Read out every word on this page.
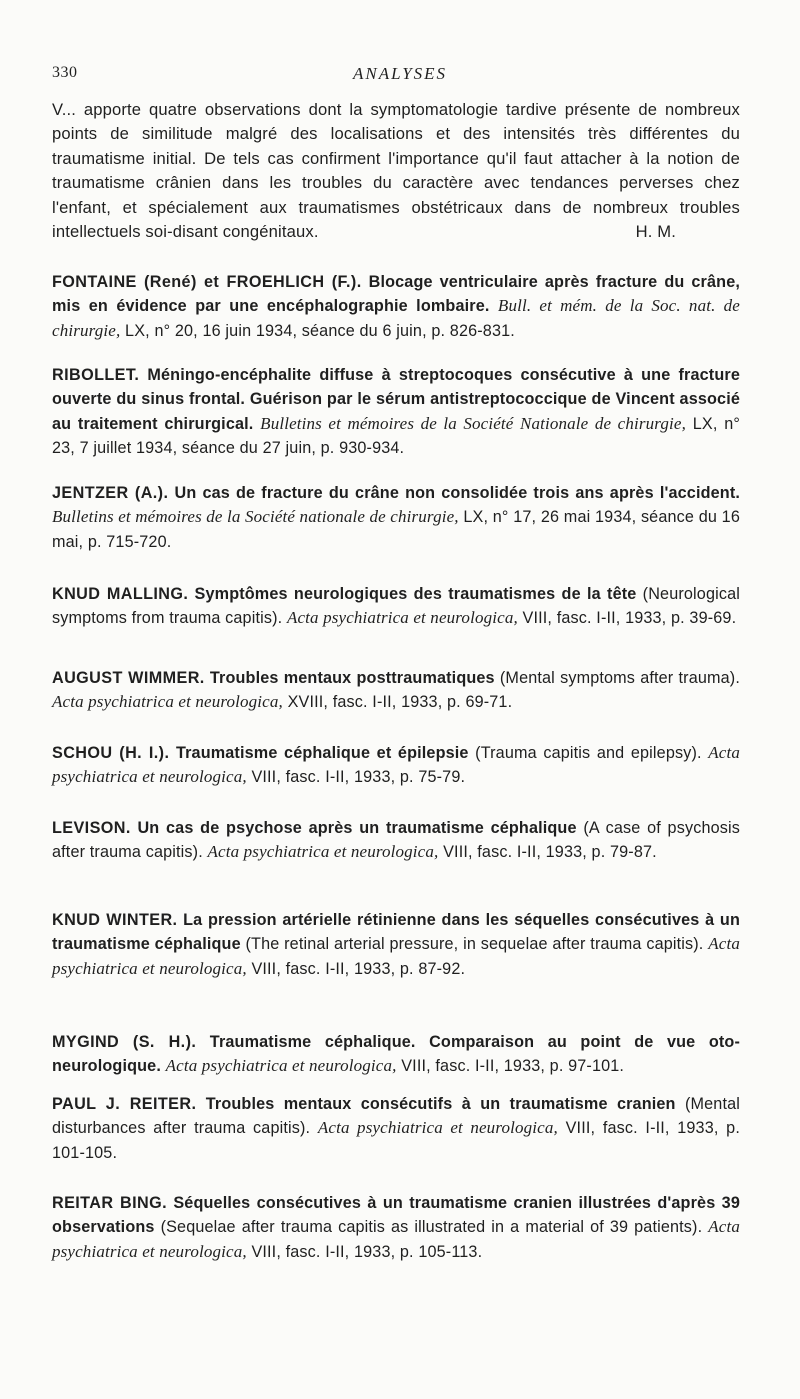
330	ANALYSES
V... apporte quatre observations dont la symptomatologie tardive présente de nombreux points de similitude malgré des localisations et des intensités très différentes du traumatisme initial. De tels cas confirment l'importance qu'il faut attacher à la notion de traumatisme crânien dans les troubles du caractère avec tendances perverses chez l'enfant, et spécialement aux traumatismes obstétricaux dans de nombreux troubles intellectuels soi-disant congénitaux.	H. M.
FONTAINE (René) et FROEHLICH (F.). Blocage ventriculaire après fracture du crâne, mis en évidence par une encéphalographie lombaire. Bull. et mém. de la Soc. nat. de chirurgie, LX, n° 20, 16 juin 1934, séance du 6 juin, p. 826-831.
RIBOLLET. Méningo-encéphalite diffuse à streptocoques consécutive à une fracture ouverte du sinus frontal. Guérison par le sérum antistreptococcique de Vincent associé au traitement chirurgical. Bulletins et mémoires de la Société Nationale de chirurgie, LX, n° 23, 7 juillet 1934, séance du 27 juin, p. 930-934.
JENTZER (A.). Un cas de fracture du crâne non consolidée trois ans après l'accident. Bulletins et mémoires de la Société nationale de chirurgie, LX, n° 17, 26 mai 1934, séance du 16 mai, p. 715-720.
KNUD MALLING. Symptômes neurologiques des traumatismes de la tête (Neurological symptoms from trauma capitis). Acta psychiatrica et neurologica, VIII, fasc. I-II, 1933, p. 39-69.
AUGUST WIMMER. Troubles mentaux posttraumatiques (Mental symptoms after trauma). Acta psychiatrica et neurologica, XVIII, fasc. I-II, 1933, p. 69-71.
SCHOU (H. I.). Traumatisme céphalique et épilepsie (Trauma capitis and epilepsy). Acta psychiatrica et neurologica, VIII, fasc. I-II, 1933, p. 75-79.
LEVISON. Un cas de psychose après un traumatisme céphalique (A case of psychosis after trauma capitis). Acta psychiatrica et neurologica, VIII, fasc. I-II, 1933, p. 79-87.
KNUD WINTER. La pression artérielle rétinienne dans les séquelles consécutives à un traumatisme céphalique (The retinal arterial pressure, in sequelae after trauma capitis). Acta psychiatrica et neurologica, VIII, fasc. I-II, 1933, p. 87-92.
MYGIND (S. H.). Traumatisme céphalique. Comparaison au point de vue oto-neurologique. Acta psychiatrica et neurologica, VIII, fasc. I-II, 1933, p. 97-101.
PAUL J. REITER. Troubles mentaux consécutifs à un traumatisme cranien (Mental disturbances after trauma capitis). Acta psychiatrica et neurologica, VIII, fasc. I-II, 1933, p. 101-105.
REITAR BING. Séquelles consécutives à un traumatisme cranien illustrées d'après 39 observations (Sequelae after trauma capitis as illustrated in a material of 39 patients). Acta psychiatrica et neurologica, VIII, fasc. I-II, 1933, p. 105-113.
